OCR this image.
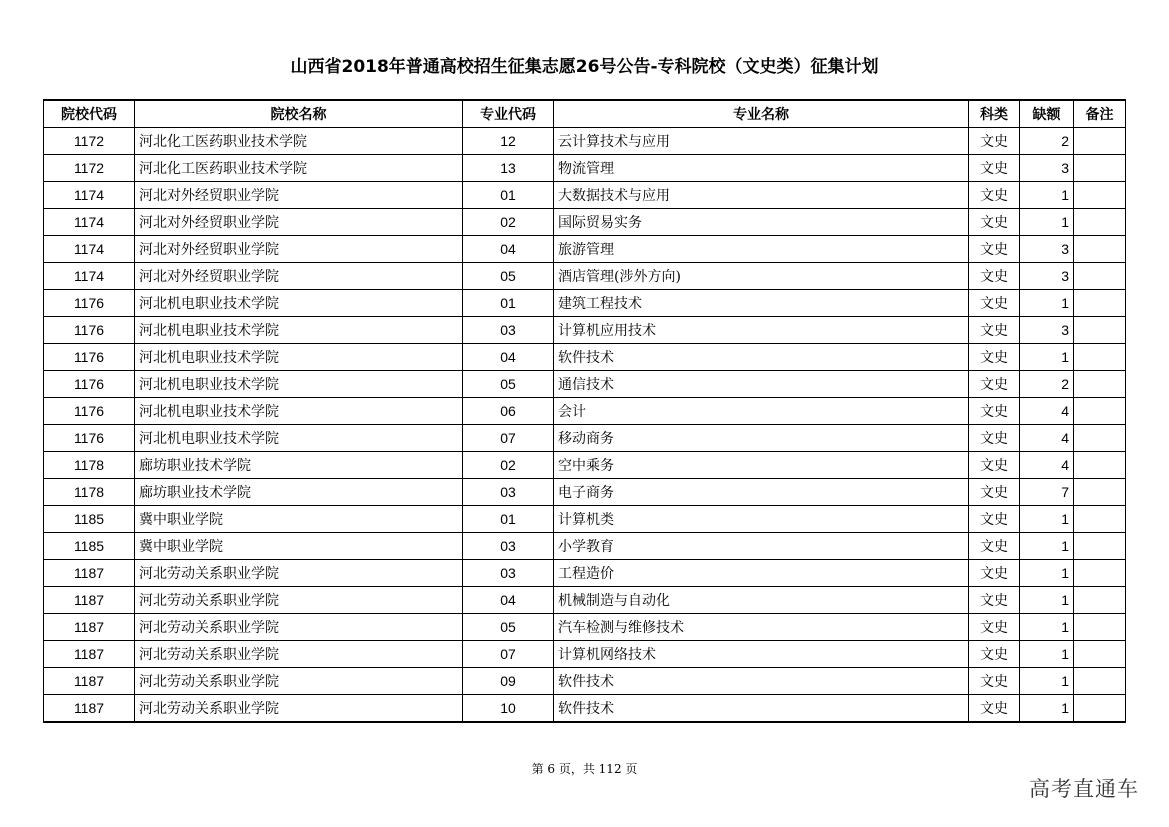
山西省2018年普通高校招生征集志愿26号公告-专科院校（文史类）征集计划
院校代码	院校名称	专业代码	专业名称	科类	缺额	备注
1172	河北化工医药职业技术学院	12	云计算技术与应用	文史	2	
1172	河北化工医药职业技术学院	13	物流管理	文史	3	
1174	河北对外经贸职业学院	01	大数据技术与应用	文史	1	
1174	河北对外经贸职业学院	02	国际贸易实务	文史	1	
1174	河北对外经贸职业学院	04	旅游管理	文史	3	
1174	河北对外经贸职业学院	05	酒店管理(涉外方向)	文史	3	
1176	河北机电职业技术学院	01	建筑工程技术	文史	1	
1176	河北机电职业技术学院	03	计算机应用技术	文史	3	
1176	河北机电职业技术学院	04	软件技术	文史	1	
1176	河北机电职业技术学院	05	通信技术	文史	2	
1176	河北机电职业技术学院	06	会计	文史	4	
1176	河北机电职业技术学院	07	移动商务	文史	4	
1178	廊坊职业技术学院	02	空中乘务	文史	4	
1178	廊坊职业技术学院	03	电子商务	文史	7	
1185	冀中职业学院	01	计算机类	文史	1	
1185	冀中职业学院	03	小学教育	文史	1	
1187	河北劳动关系职业学院	03	工程造价	文史	1	
1187	河北劳动关系职业学院	04	机械制造与自动化	文史	1	
1187	河北劳动关系职业学院	05	汽车检测与维修技术	文史	1	
1187	河北劳动关系职业学院	07	计算机网络技术	文史	1	
1187	河北劳动关系职业学院	09	软件技术	文史	1	
1187	河北劳动关系职业学院	10	软件技术	文史	1	
第 6 页，共 112 页
高考直通车
